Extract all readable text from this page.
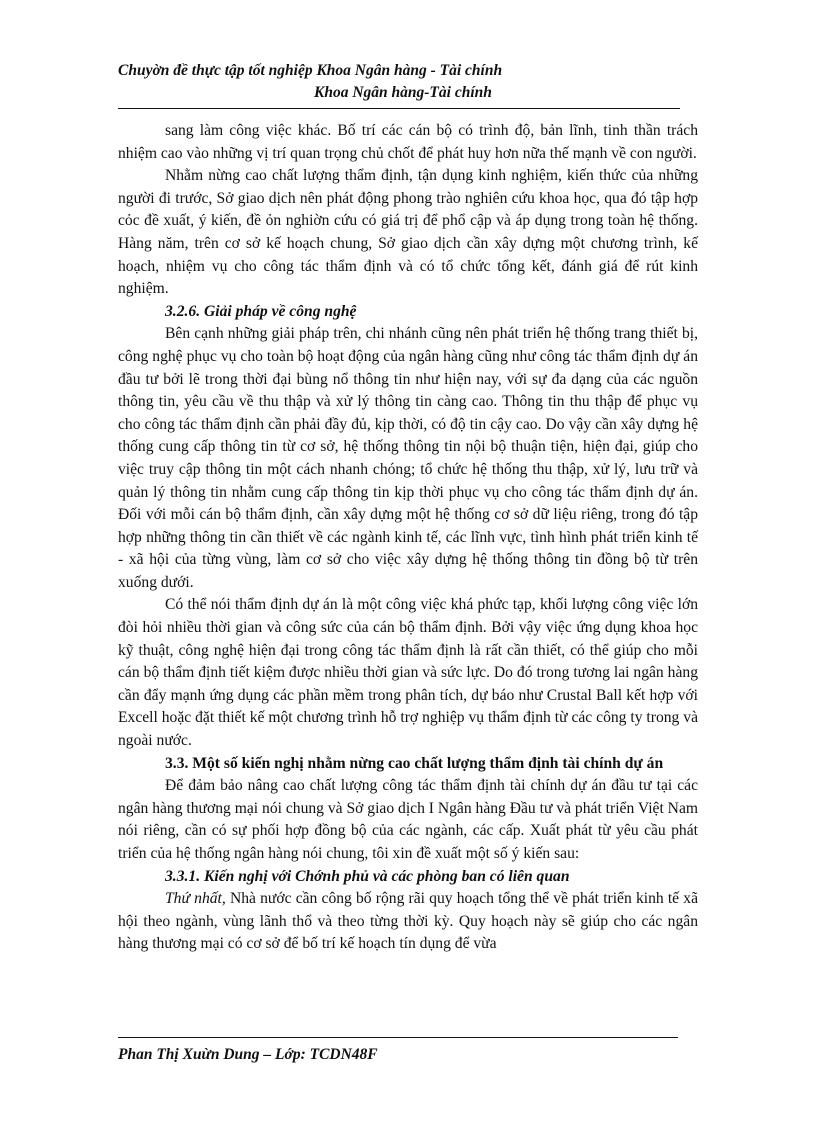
Chuyờn đề thực tập tốt nghiệp Khoa Ngân hàng - Tài chính
Khoa Ngân hàng-Tài chính

sang làm công việc khác. Bố trí các cán bộ có trình độ, bản lĩnh, tinh thần trách nhiệm cao vào những vị trí quan trọng chủ chốt để phát huy hơn nữa thế mạnh về con người.

Nhằm nừng cao chất lượng thẩm định, tận dụng kinh nghiệm, kiến thức của những người đi trước, Sở giao dịch nên phát động phong trào nghiên cứu khoa học, qua đó tập hợp cỏc đề xuất, ý kiến, đề ỏn nghiờn cứu có giá trị để phổ cập và áp dụng trong toàn hệ thống. Hàng năm, trên cơ sở kế hoạch chung, Sở giao dịch cần xây dựng một chương trình, kế hoạch, nhiệm vụ cho công tác thẩm định và có tổ chức tổng kết, đánh giá để rút kinh nghiệm.

3.2.6. Giải pháp về công nghệ

Bên cạnh những giải pháp trên, chi nhánh cũng nên phát triển hệ thống trang thiết bị, công nghệ phục vụ cho toàn bộ hoạt động của ngân hàng cũng như công tác thẩm định dự án đầu tư bởi lẽ trong thời đại bùng nổ thông tin như hiện nay, với sự đa dạng của các nguồn thông tin, yêu cầu về thu thập và xử lý thông tin càng cao. Thông tin thu thập để phục vụ cho công tác thẩm định cần phải đầy đủ, kịp thời, có độ tin cậy cao. Do vậy cần xây dựng hệ thống cung cấp thông tin từ cơ sở, hệ thống thông tin nội bộ thuận tiện, hiện đại, giúp cho việc truy cập thông tin một cách nhanh chóng; tổ chức hệ thống thu thập, xử lý, lưu trữ và quản lý thông tin nhằm cung cấp thông tin kịp thời phục vụ cho công tác thẩm định dự án. Đối với mỗi cán bộ thẩm định, cần xây dựng một hệ thống cơ sở dữ liệu riêng, trong đó tập hợp những thông tin cần thiết về các ngành kinh tế, các lĩnh vực, tình hình phát triển kinh tế - xã hội của từng vùng, làm cơ sở cho việc xây dựng hệ thống thông tin đồng bộ từ trên xuống dưới.

Có thể nói thẩm định dự án là một công việc khá phức tạp, khối lượng công việc lớn đòi hỏi nhiều thời gian và công sức của cán bộ thẩm định. Bởi vậy việc ứng dụng khoa học kỹ thuật, công nghệ hiện đại trong công tác thẩm định là rất cần thiết, có thể giúp cho mỗi cán bộ thẩm định tiết kiệm được nhiều thời gian và sức lực. Do đó trong tương lai ngân hàng cần đẩy mạnh ứng dụng các phần mềm trong phân tích, dự báo như Crustal Ball kết hợp với Excell hoặc đặt thiết kế một chương trình hỗ trợ nghiệp vụ thẩm định từ các công ty trong và ngoài nước.

3.3. Một số kiến nghị nhằm nừng cao chất lượng thẩm định tài chính dự án

Để đảm bảo nâng cao chất lượng công tác thẩm định tài chính dự án đầu tư tại các ngân hàng thương mại nói chung và Sở giao dịch I Ngân hàng Đầu tư và phát triển Việt Nam nói riêng, cần có sự phối hợp đồng bộ của các ngành, các cấp. Xuất phát từ yêu cầu phát triển của hệ thống ngân hàng nói chung, tôi xin đề xuất một số ý kiến sau:

3.3.1. Kiến nghị với Chớnh phủ và các phòng ban có liên quan

Thứ nhất, Nhà nước cần công bố rộng rãi quy hoạch tổng thể về phát triển kinh tế xã hội theo ngành, vùng lãnh thổ và theo từng thời kỳ. Quy hoạch này sẽ giúp cho các ngân hàng thương mại có cơ sở để bố trí kế hoạch tín dụng để vừa

Phan Thị Xuừn Dung – Lớp: TCDN48F
